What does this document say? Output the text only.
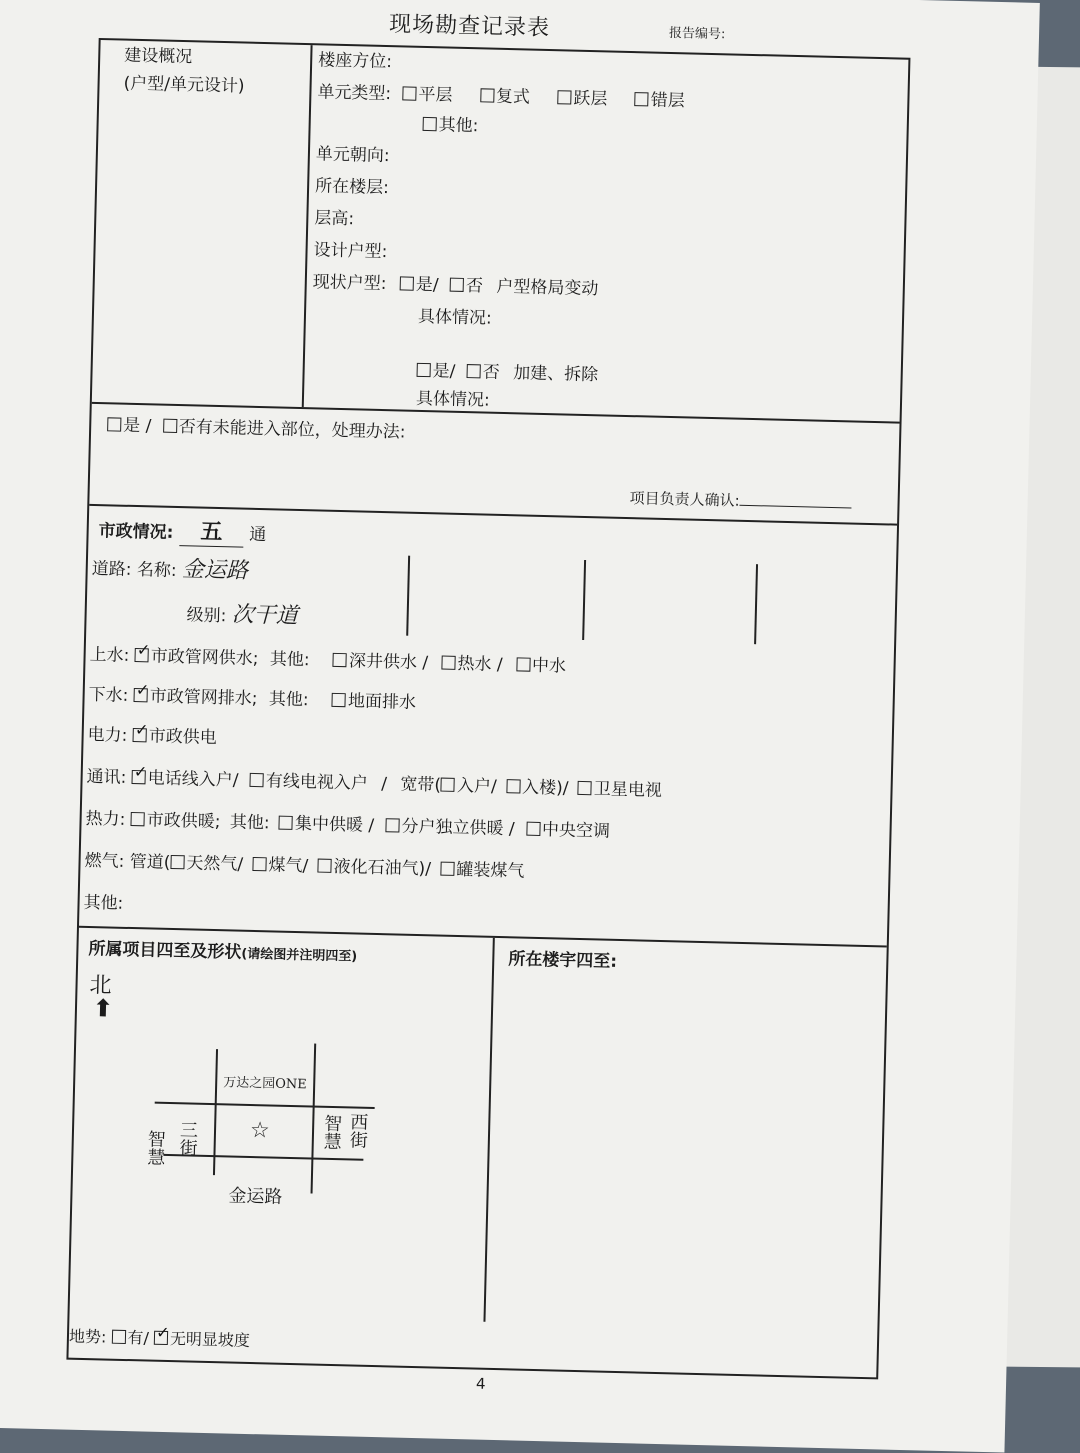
现场勘查记录表	报告编号:
建设概况
(户型/单元设计)
楼座方位:
单元类型: 平层	复式	跃层	错层
其他:
单元朝向:
所在楼层:
层高:
设计户型:
现状户型: 是/ 否 户型格局变动
具体情况:
是/ 否 加建、拆除
具体情况:
是 / 否有未能进入部位，处理办法:
项目负责人确认:
市政情况: 五 通
道路: 名称: 金运路
级别: 次干道
上水: ✓ 市政管网供水; 其他: 深井供水 / 热水 / 中水
下水: ✓ 市政管网排水; 其他: 地面排水
电力: ✓ 市政供电
通讯: ✓ 电话线入户/ 有线电视入户 / 宽带( 入户/ 入楼)/ 卫星电视
热力: 市政供暖; 其他: 集中供暖 / 分户独立供暖 / 中央空调
燃气: 管道( 天然气/ 煤气/ 液化石油气)/ 罐装煤气
其他:
所属项目四至及形状(请绘图并注明四至)	所在楼宇四至:
北
⬆
万达之园ONE
智慧 西街
智慧 三街 ☆
金运路
地势: 有/ ✓ 无明显坡度
4
